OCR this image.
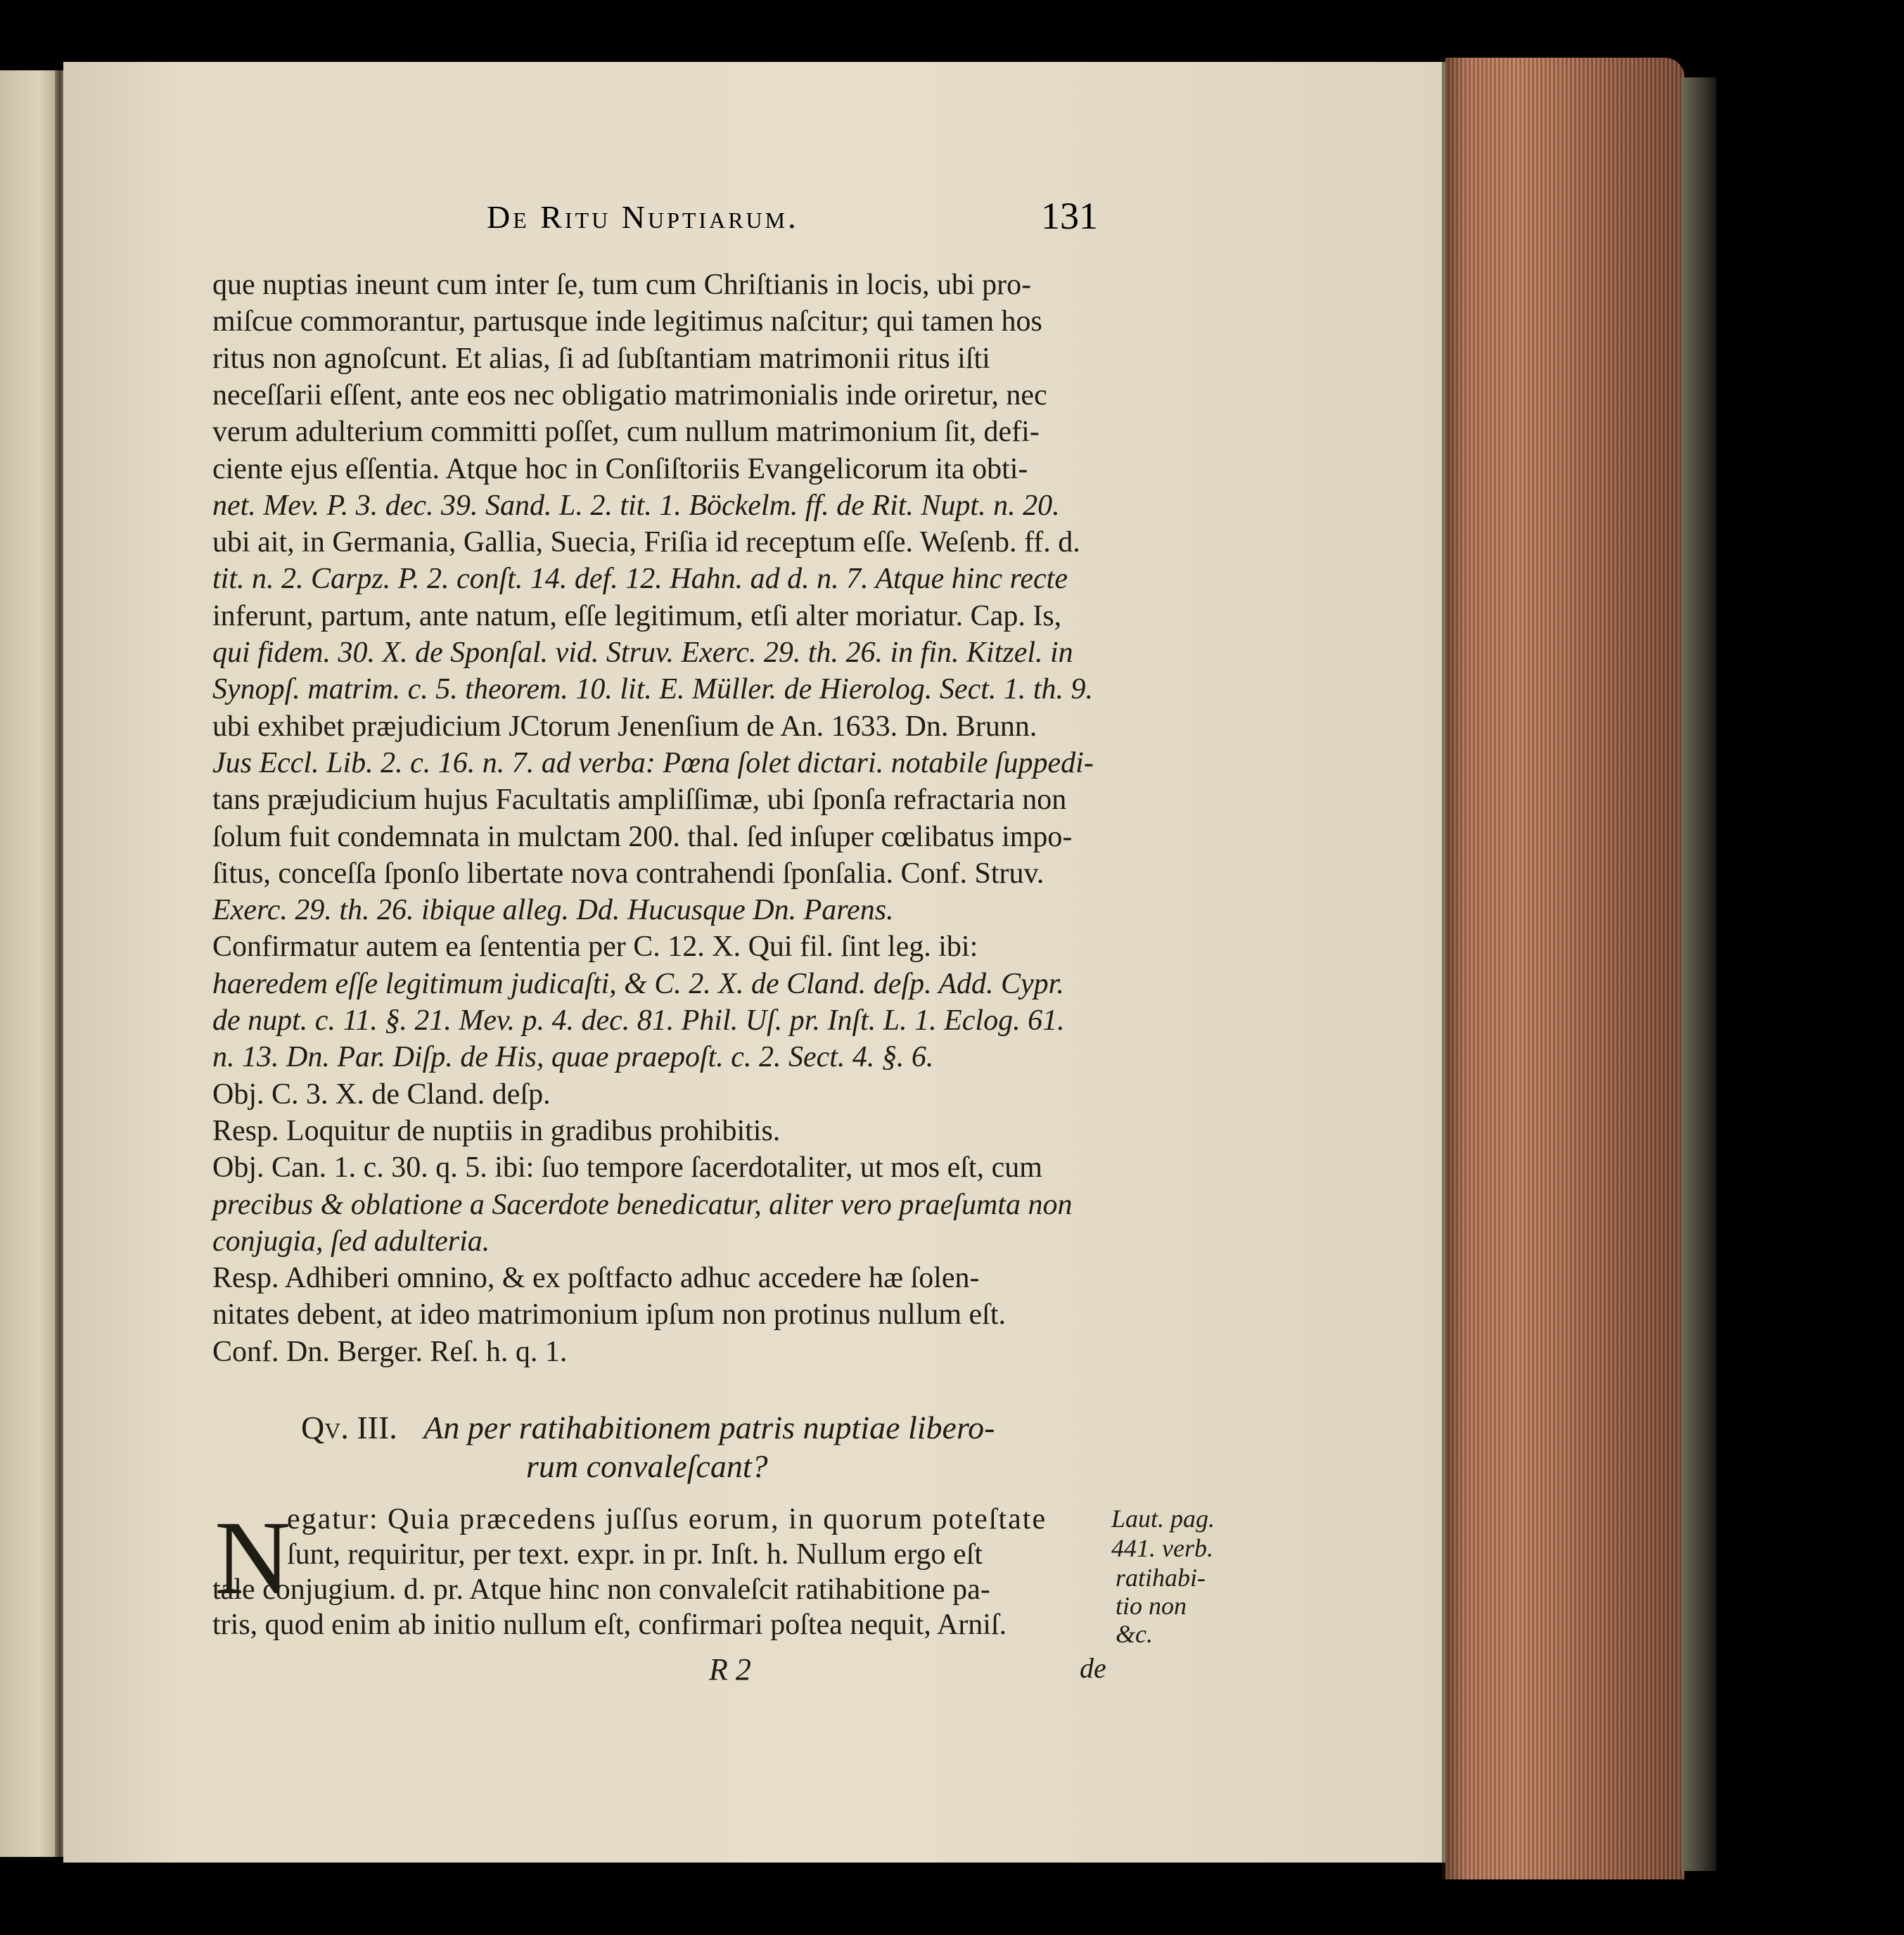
De Ritu Nuptiarum.	131
que nuptias ineunt cum inter ſe, tum cum Chriſtianis in locis, ubi pro-
miſcue commorantur, partusque inde legitimus naſcitur; qui tamen hos
ritus non agnoſcunt. Et alias, ſi ad ſubſtantiam matrimonii ritus iſti
neceſſarii eſſent, ante eos nec obligatio matrimonialis inde oriretur, nec
verum adulterium committi poſſet, cum nullum matrimonium ſit, defi-
ciente ejus eſſentia. Atque hoc in Conſiſtoriis Evangelicorum ita obti-
net. Mev. P. 3. dec. 39. Sand. L. 2. tit. 1. Böckelm. ff. de Rit. Nupt. n. 20.
ubi ait, in Germania, Gallia, Suecia, Friſia id receptum eſſe. Weſenb. ff. d.
tit. n. 2. Carpz. P. 2. conſt. 14. def. 12. Hahn. ad d. n. 7. Atque hinc recte
inferunt, partum, ante natum, eſſe legitimum, etſi alter moriatur. Cap. Is,
qui fidem. 30. X. de Sponſal. vid. Struv. Exerc. 29. th. 26. in fin. Kitzel. in
Synopſ. matrim. c. 5. theorem. 10. lit. E. Müller. de Hierolog. Sect. 1. th. 9.
ubi exhibet præjudicium JCtorum Jenenſium de An. 1633. Dn. Brunn.
Jus Eccl. Lib. 2. c. 16. n. 7. ad verba: Pœna ſolet dictari. notabile ſuppedi-
tans præjudicium hujus Facultatis ampliſſimæ, ubi ſponſa refractaria non
ſolum fuit condemnata in mulctam 200. thal. ſed inſuper cœlibatus impo-
ſitus, conceſſa ſponſo libertate nova contrahendi ſponſalia. Conf. Struv.
Exerc. 29. th. 26. ibique alleg. Dd. Hucusque Dn. Parens.
Confirmatur autem ea ſententia per C. 12. X. Qui fil. ſint leg. ibi:
haeredem eſſe legitimum judicaſti, & C. 2. X. de Cland. deſp. Add. Cypr.
de nupt. c. 11. §. 21. Mev. p. 4. dec. 81. Phil. Uſ. pr. Inſt. L. 1. Eclog. 61.
n. 13. Dn. Par. Diſp. de His, quae praepoſt. c. 2. Sect. 4. §. 6.
Obj. C. 3. X. de Cland. deſp.
Resp. Loquitur de nuptiis in gradibus prohibitis.
Obj. Can. 1. c. 30. q. 5. ibi: ſuo tempore ſacerdotaliter, ut mos eſt, cum
precibus & oblatione a Sacerdote benedicatur, aliter vero praeſumta non
conjugia, ſed adulteria.
Resp. Adhiberi omnino, & ex poſtfacto adhuc accedere hæ ſolen-
nitates debent, at ideo matrimonium ipſum non protinus nullum eſt.
Conf. Dn. Berger. Reſ. h. q. 1.
Qv. III. An per ratihabitionem patris nuptiae libero-
rum convaleſcant?
N
egatur: Quia præcedens juſſus eorum, in quorum poteſtate
ſunt, requiritur, per text. expr. in pr. Inſt. h. Nullum ergo eſt
tale conjugium. d. pr. Atque hinc non convaleſcit ratihabitione pa-
tris, quod enim ab initio nullum eſt, confirmari poſtea nequit, Arniſ.
Laut. pag.
441. verb.
ratihabi-
tio non
&c.
R 2	de
